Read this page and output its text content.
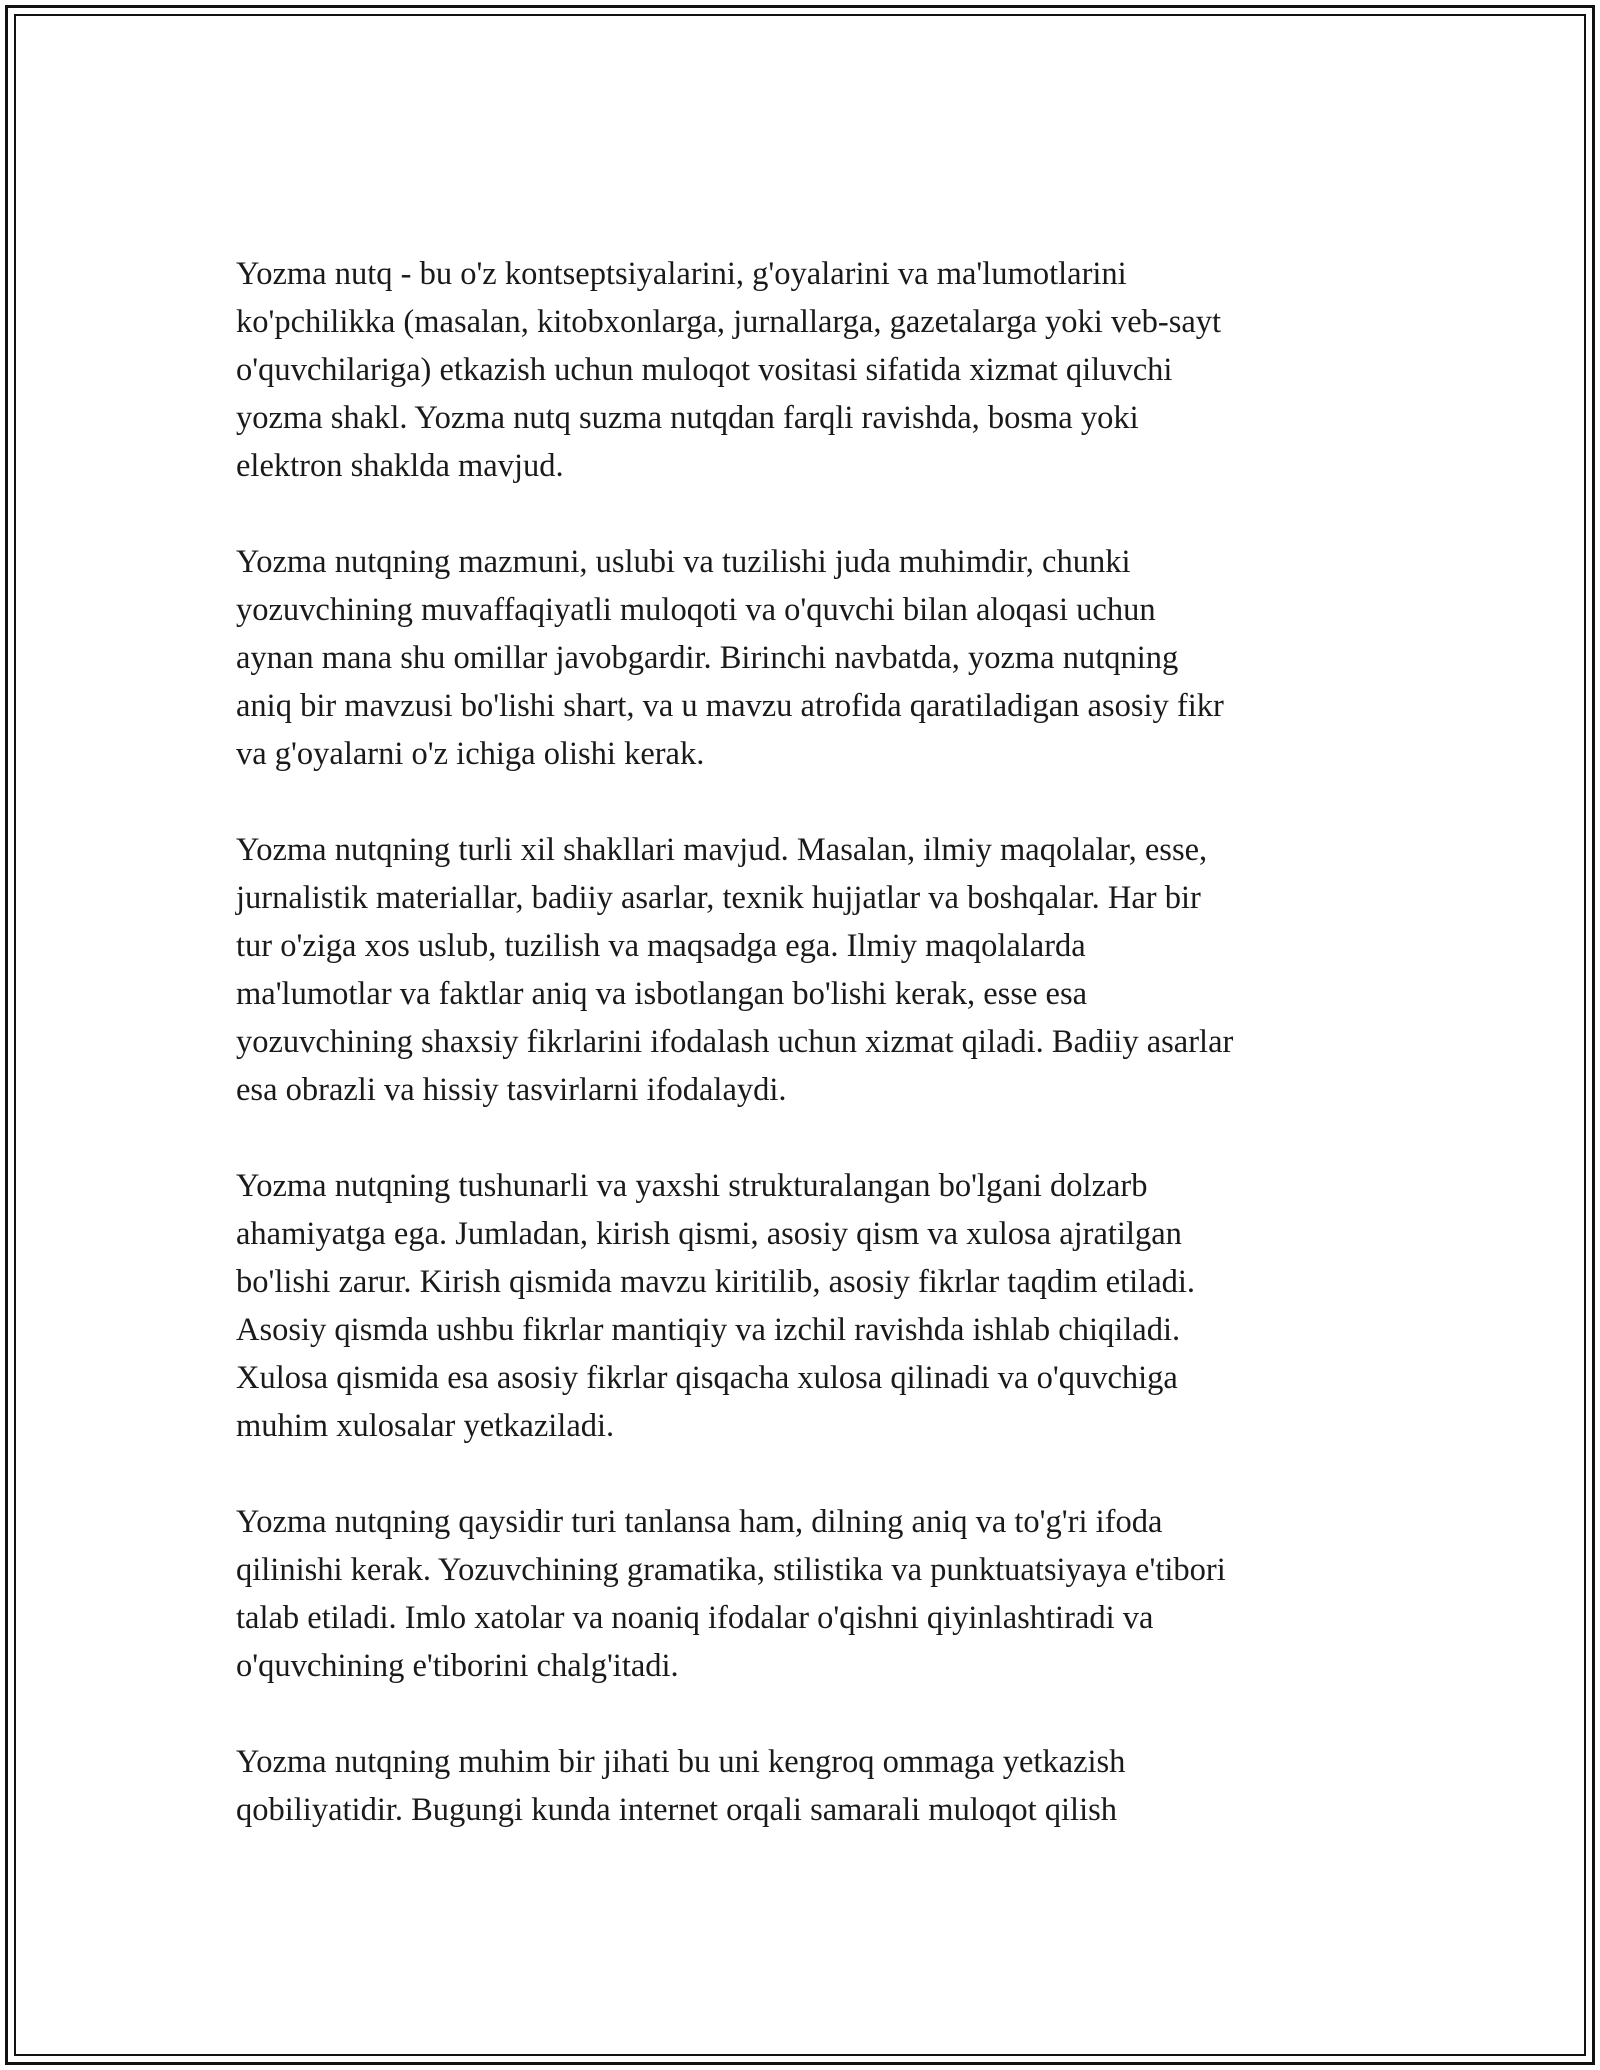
Yozma nutq - bu o'z kontseptsiyalarini, g'oyalarini va ma'lumotlarini
ko'pchilikka (masalan, kitobxonlarga, jurnallarga, gazetalarga yoki veb-sayt
o'quvchilariga) etkazish uchun muloqot vositasi sifatida xizmat qiluvchi
yozma shakl. Yozma nutq suzma nutqdan farqli ravishda, bosma yoki
elektron shaklda mavjud.

Yozma nutqning mazmuni, uslubi va tuzilishi juda muhimdir, chunki
yozuvchining muvaffaqiyatli muloqoti va o'quvchi bilan aloqasi uchun
aynan mana shu omillar javobgardir. Birinchi navbatda, yozma nutqning
aniq bir mavzusi bo'lishi shart, va u mavzu atrofida qaratiladigan asosiy fikr
va g'oyalarni o'z ichiga olishi kerak.

Yozma nutqning turli xil shakllari mavjud. Masalan, ilmiy maqolalar, esse,
jurnalistik materiallar, badiiy asarlar, texnik hujjatlar va boshqalar. Har bir
tur o'ziga xos uslub, tuzilish va maqsadga ega. Ilmiy maqolalarda
ma'lumotlar va faktlar aniq va isbotlangan bo'lishi kerak, esse esa
yozuvchining shaxsiy fikrlarini ifodalash uchun xizmat qiladi. Badiiy asarlar
esa obrazli va hissiy tasvirlarni ifodalaydi.

Yozma nutqning tushunarli va yaxshi strukturalangan bo'lgani dolzarb
ahamiyatga ega. Jumladan, kirish qismi, asosiy qism va xulosa ajratilgan
bo'lishi zarur. Kirish qismida mavzu kiritilib, asosiy fikrlar taqdim etiladi.
Asosiy qismda ushbu fikrlar mantiqiy va izchil ravishda ishlab chiqiladi.
Xulosa qismida esa asosiy fikrlar qisqacha xulosa qilinadi va o'quvchiga
muhim xulosalar yetkaziladi.

Yozma nutqning qaysidir turi tanlansa ham, dilning aniq va to'g'ri ifoda
qilinishi kerak. Yozuvchining gramatika, stilistika va punktuatsiyaya e'tibori
talab etiladi. Imlo xatolar va noaniq ifodalar o'qishni qiyinlashtiradi va
o'quvchining e'tiborini chalg'itadi.

Yozma nutqning muhim bir jihati bu uni kengroq ommaga yetkazish
qobiliyatidir. Bugungi kunda internet orqali samarali muloqot qilish
